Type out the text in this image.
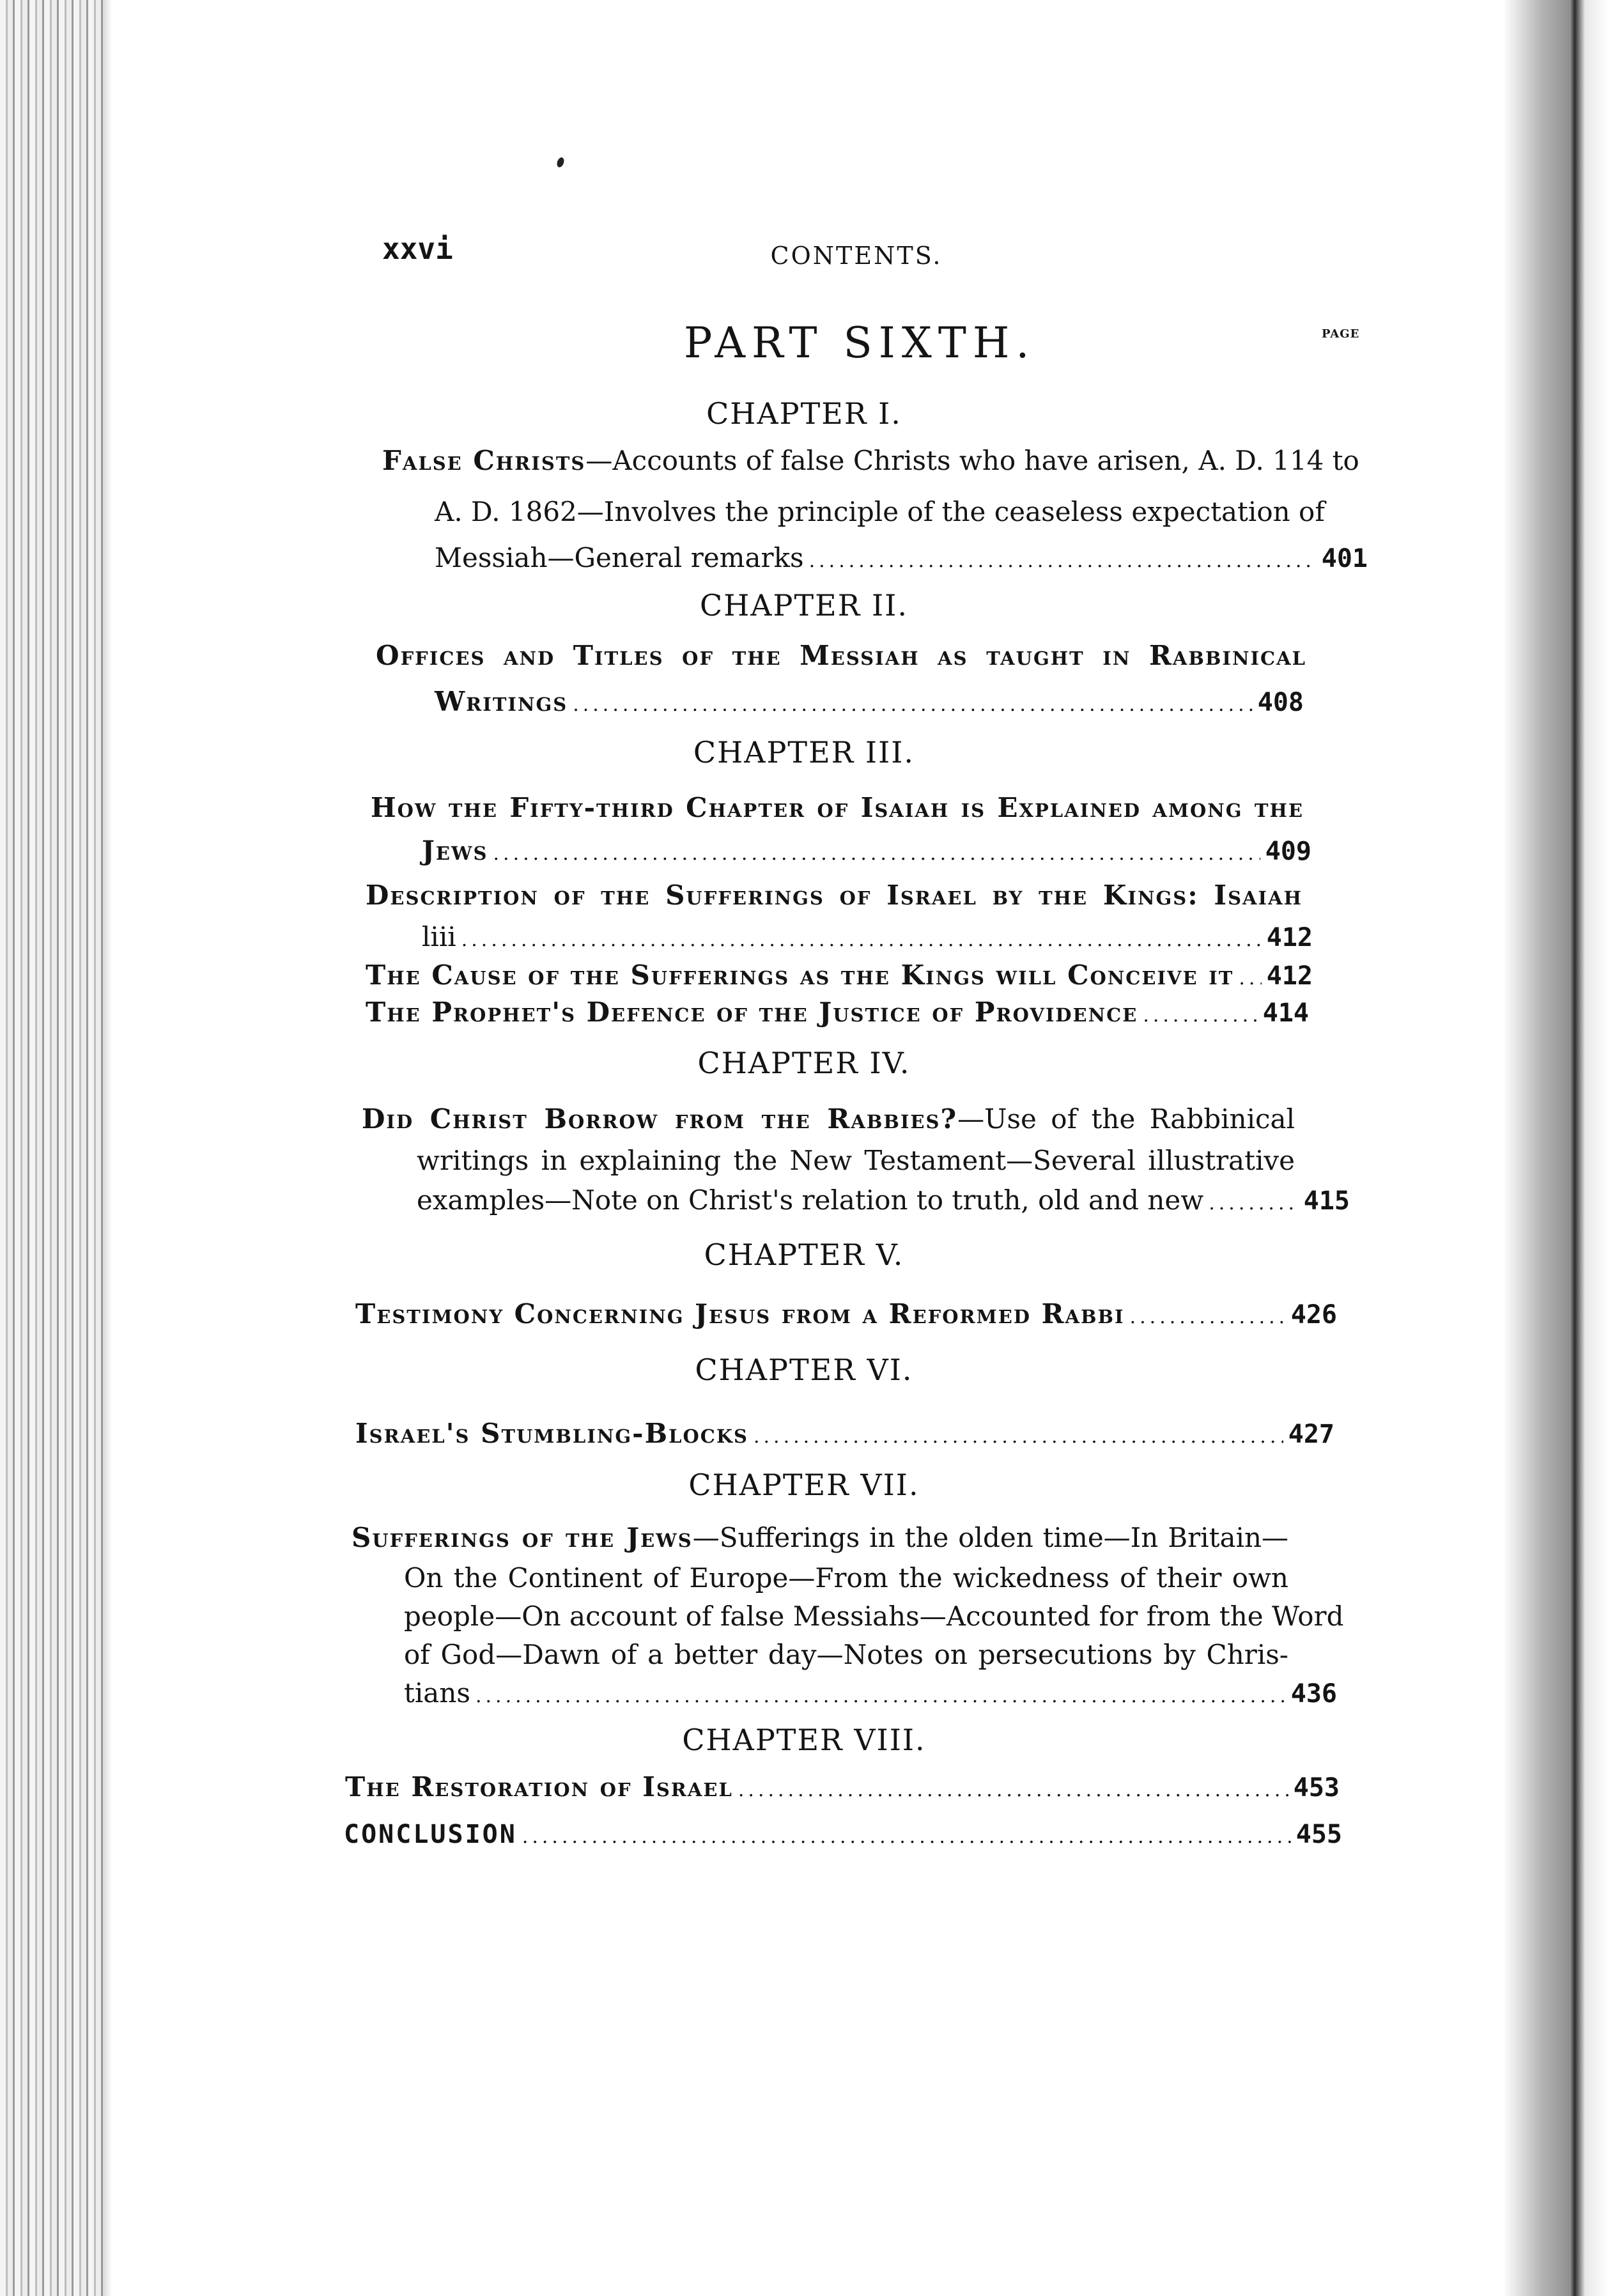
xxvi	CONTENTS.
PART SIXTH.	PAGE
CHAPTER I.
False Christs—Accounts of false Christs who have arisen, A. D. 114 to
A. D. 1862—Involves the principle of the ceaseless expectation of
Messiah—General remarks .....	401
CHAPTER II.
Offices and Titles of the Messiah as taught in Rabbinical
Writings .....	408
CHAPTER III.
How the Fifty-third Chapter of Isaiah is Explained among the
Jews .....	409
Description of the Sufferings of Israel by the Kings: Isaiah
liii .....	412
The Cause of the Sufferings as the Kings will Conceive it ..... 412
The Prophet's Defence of the Justice of Providence .....	414
CHAPTER IV.
Did Christ Borrow from the Rabbies?—Use of the Rabbinical
writings in explaining the New Testament—Several illustrative
examples—Note on Christ's relation to truth, old and new .....	415
CHAPTER V.
Testimony Concerning Jesus from a Reformed Rabbi .....	426
CHAPTER VI.
Israel's Stumbling-Blocks .....	427
CHAPTER VII.
Sufferings of the Jews—Sufferings in the olden time—In Britain—
On the Continent of Europe—From the wickedness of their own
people—On account of false Messiahs—Accounted for from the Word
of God—Dawn of a better day—Notes on persecutions by Chris-
tians .....	436
CHAPTER VIII.
The Restoration of Israel .....	453
CONCLUSION .....	455
